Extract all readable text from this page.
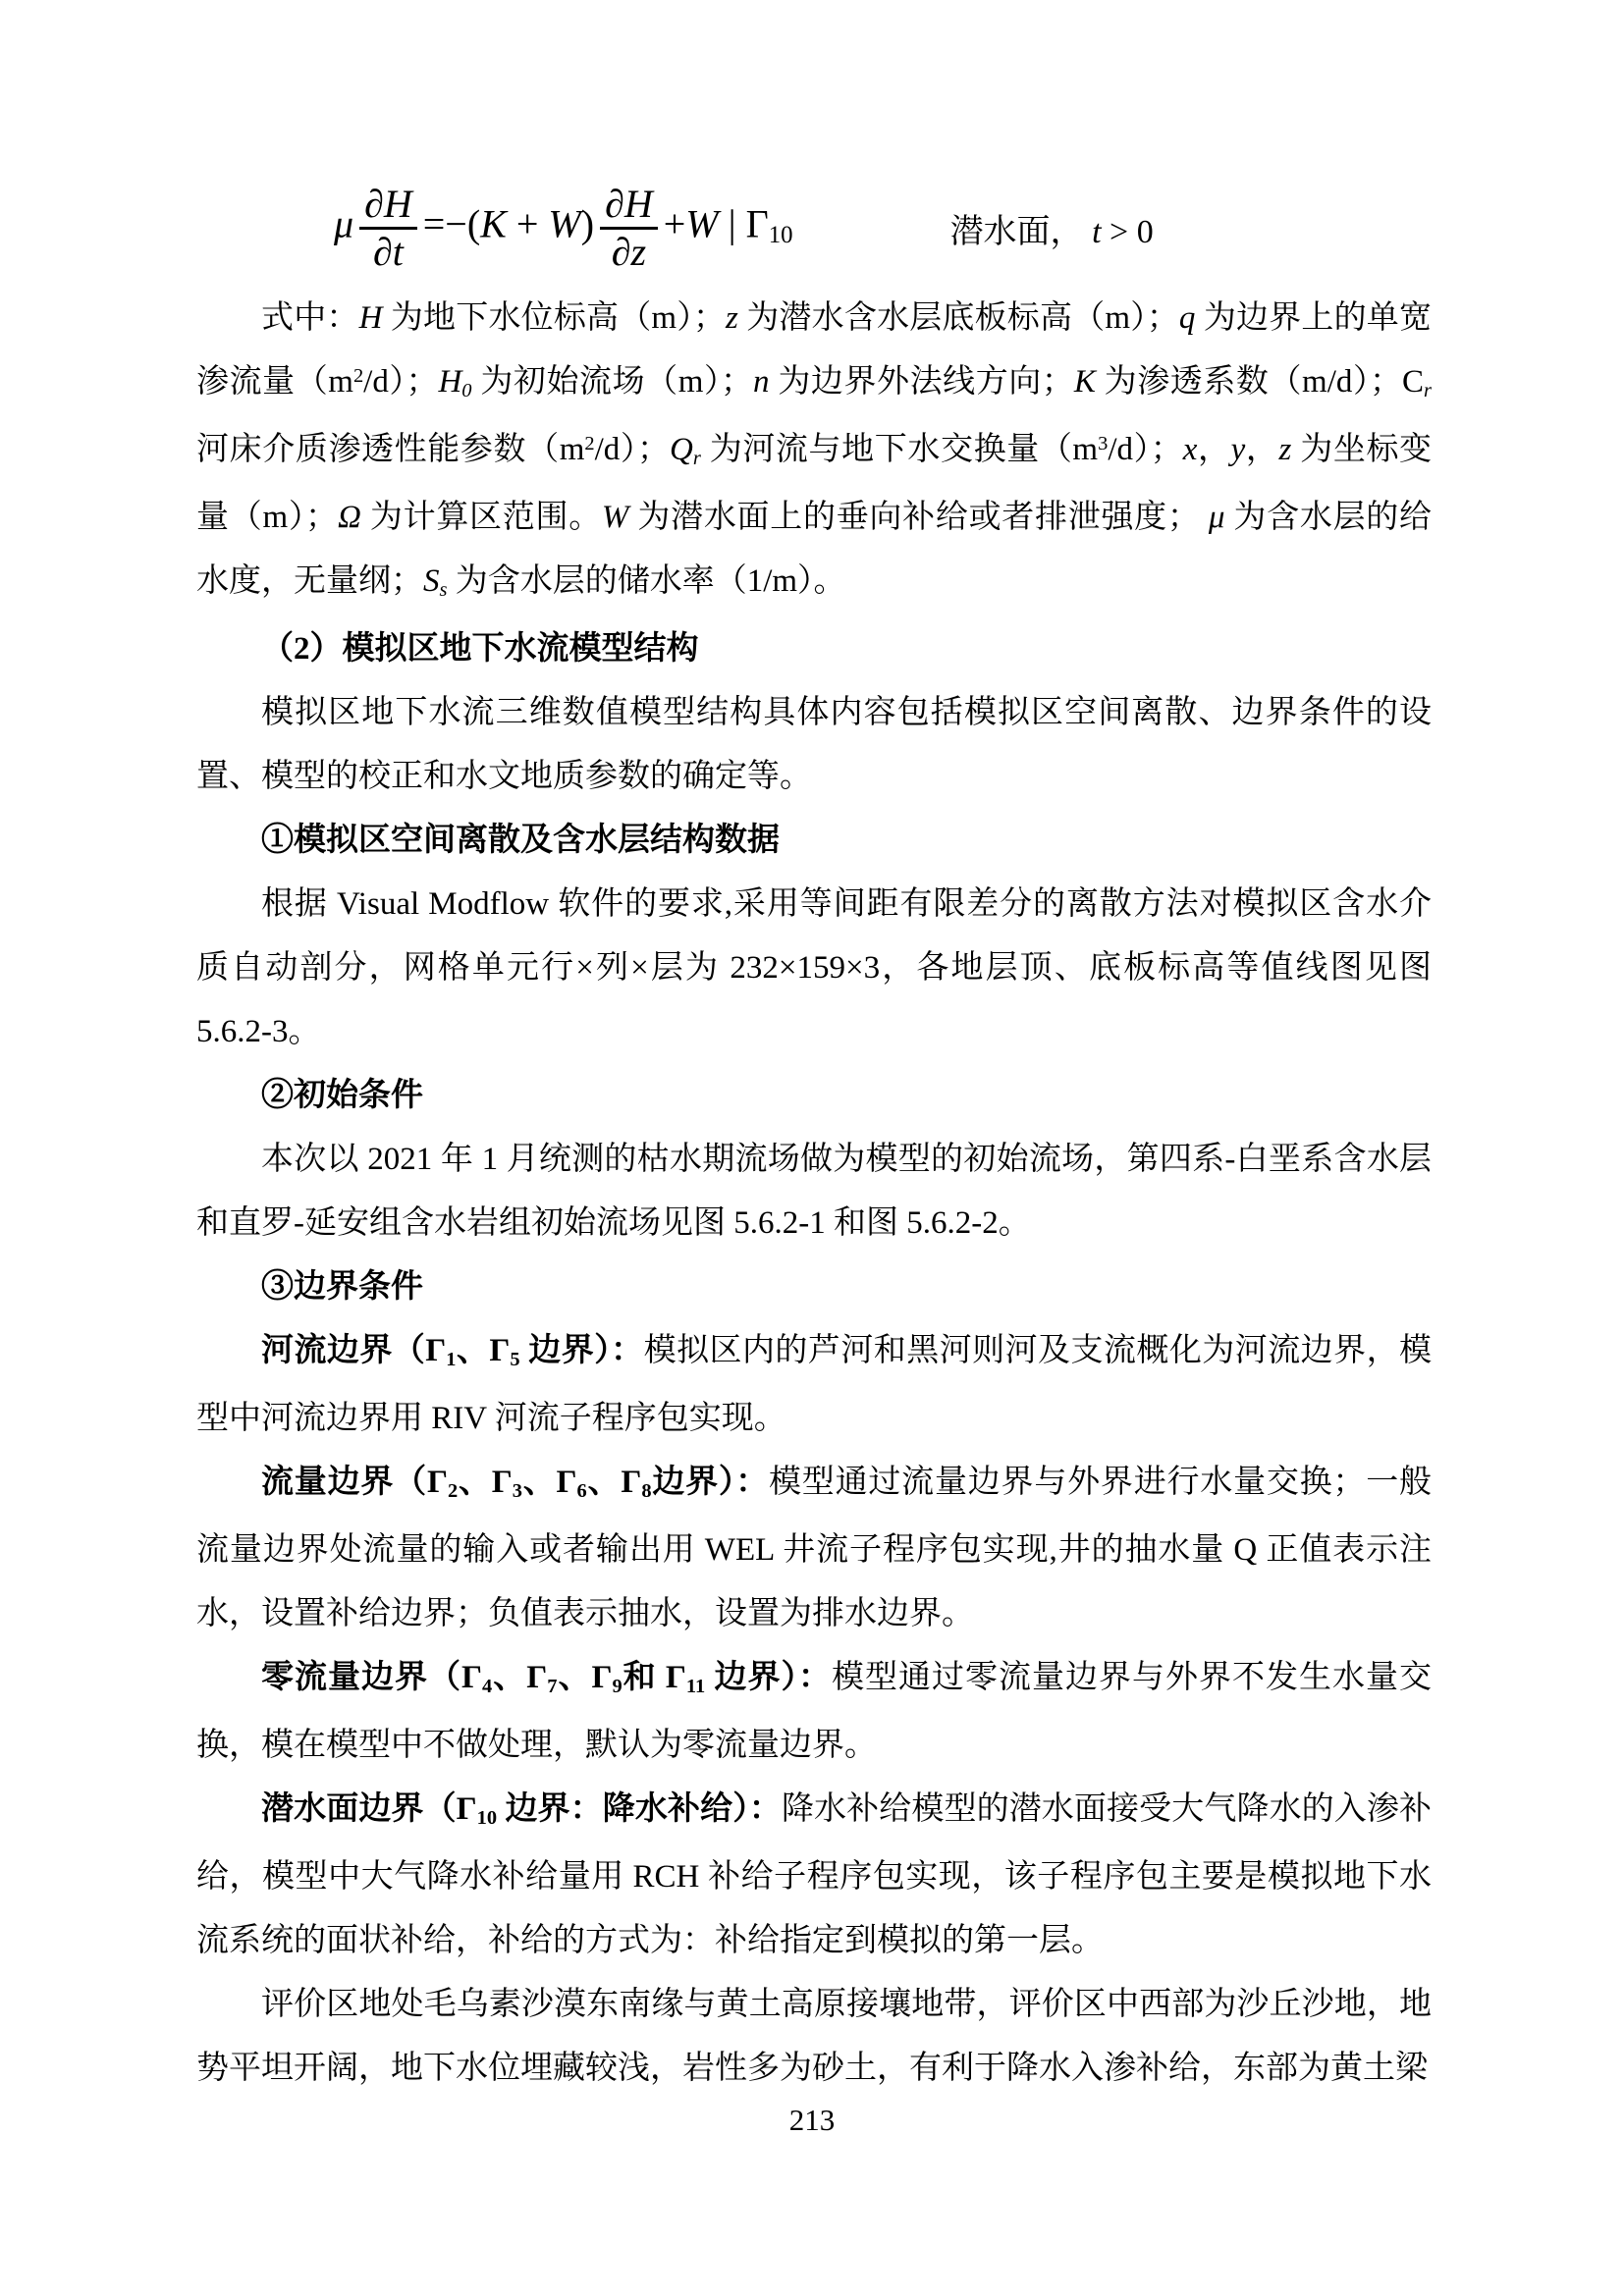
μ $\frac{\partial H}{\partial t} =-(K + W) \frac{\partial H}{\partial z} +W$ | Γ10	潜水面， t > 0

式中：H 为地下水位标高（m）；z 为潜水含水层底板标高（m）；q 为边界上的单宽渗流量$(m^2/d)$；H0 为初始流场（m）；n 为边界外法线方向；K 为渗透系数（m/d）；Cr 河床介质渗透性能参数$(m^2/d)$；Qr 为河流与地下水交换量$(m^3/d)$；x，y，z 为坐标变量（m）；Ω 为计算区范围。W 为潜水面上的垂向补给或者排泄强度； μ 为含水层的给水度，无量纲；Ss 为含水层的储水率（1/m）。

（2）模拟区地下水流模型结构

模拟区地下水流三维数值模型结构具体内容包括模拟区空间离散、边界条件的设置、模型的校正和水文地质参数的确定等。

①模拟区空间离散及含水层结构数据

根据 Visual Modflow 软件的要求,采用等间距有限差分的离散方法对模拟区含水介质自动剖分，网格单元行×列×层为 232×159×3，各地层顶、底板标高等值线图见图 5.6.2-3。

②初始条件

本次以 2021 年 1 月统测的枯水期流场做为模型的初始流场，第四系-白垩系含水层和直罗-延安组含水岩组初始流场见图 5.6.2-1 和图 5.6.2-2。

③边界条件

河流边界（Γ1、Γ5 边界）：模拟区内的芦河和黑河则河及支流概化为河流边界，模型中河流边界用 RIV 河流子程序包实现。

流量边界（Γ2、Γ3、Γ6、Γ8边界）：模型通过流量边界与外界进行水量交换；一般流量边界处流量的输入或者输出用 WEL 井流子程序包实现,井的抽水量 Q 正值表示注水，设置补给边界；负值表示抽水，设置为排水边界。

零流量边界（Γ4、Γ7、Γ9和 Γ11 边界）：模型通过零流量边界与外界不发生水量交换，模在模型中不做处理，默认为零流量边界。

潜水面边界（Γ10 边界：降水补给）：降水补给模型的潜水面接受大气降水的入渗补给，模型中大气降水补给量用 RCH 补给子程序包实现，该子程序包主要是模拟地下水流系统的面状补给，补给的方式为：补给指定到模拟的第一层。

评价区地处毛乌素沙漠东南缘与黄土高原接壤地带，评价区中西部为沙丘沙地，地势平坦开阔，地下水位埋藏较浅，岩性多为砂土，有利于降水入渗补给，东部为黄土梁

213
